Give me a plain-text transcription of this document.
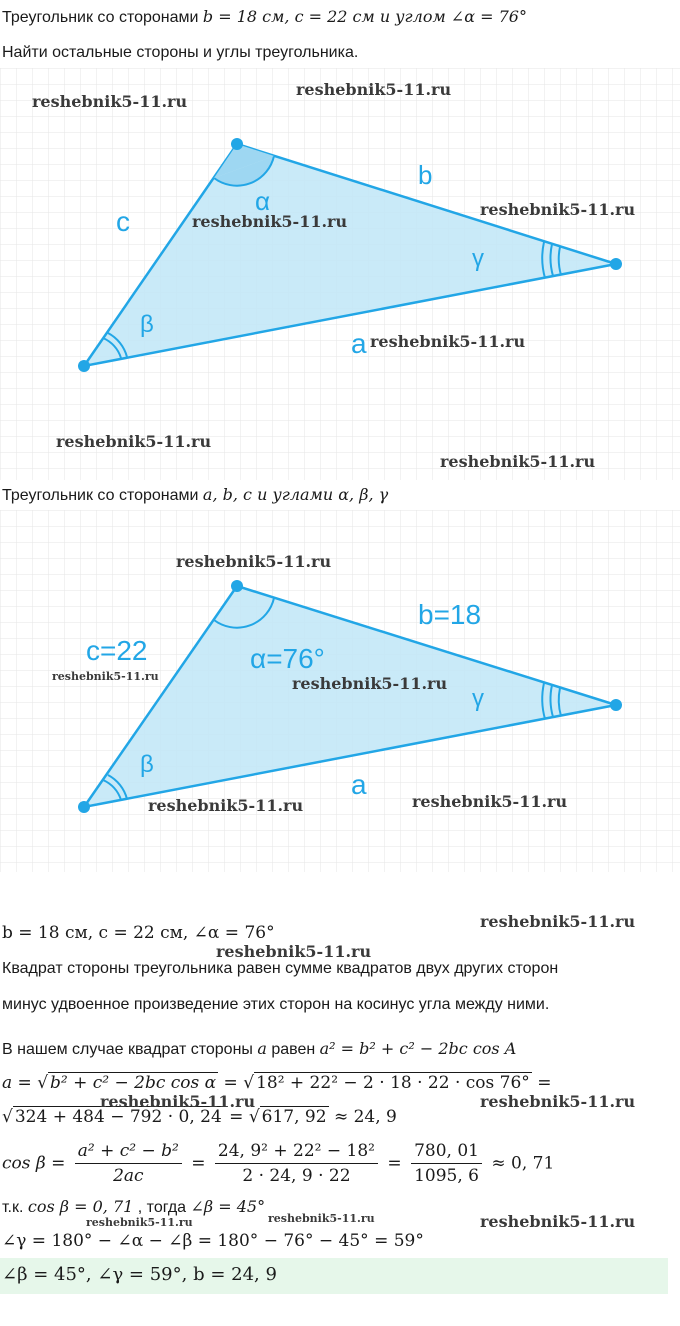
Треугольник со сторонами b = 18 см, c = 22 см и углом ∠α = 76°
Найти остальные стороны и углы треугольника.
b
c
α
γ
β
a
Треугольник со сторонами a, b, c и углами α, β, γ
b=18
c=22	α=76°
γ
β
a
b = 18 см, c = 22 см, ∠α = 76°
Квадрат стороны треугольника равен сумме квадратов двух других сторон
минус удвоенное произведение этих сторон на косинус угла между ними.
В нашем случае квадрат стороны a равен a² = b² + c² − 2bc cos A
a = √ b² + c² − 2bc cos α = √ 18² + 22² − 2 · 18 · 22 · cos 76° =
√ 324 + 484 − 792 · 0, 24 = √ 617, 92 ≈ 24, 9
$\cos \beta = \frac{\text{a² + c² − b²}}{2ac} = \frac{\text{24, 9² + 22² − 18²}}{2 \cdot 24, 9 \cdot 22} = \frac{780, 01}{1095, 6} \approx 0$, 71
т.к. cos β = 0, 71 , тогда ∠β = 45°
∠γ = 180° − ∠α − ∠β = 180° − 76° − 45° = 59°
∠β = 45°, ∠γ = 59°, b = 24, 9
reshebnik5-11.ru
reshebnik5-11.ru
reshebnik5-11.ru
reshebnik5-11.ru
reshebnik5-11.ru
reshebnik5-11.ru
reshebnik5-11.ru
reshebnik5-11.ru
reshebnik5-11.ru	reshebnik5-11.ru
reshebnik5-11.ru	reshebnik5-11.ru
reshebnik5-11.ru
reshebnik5-11.ru
reshebnik5-11.ru	reshebnik5-11.ru
reshebnik5-11.ru	reshebnik5-11.ru	reshebnik5-11.ru
